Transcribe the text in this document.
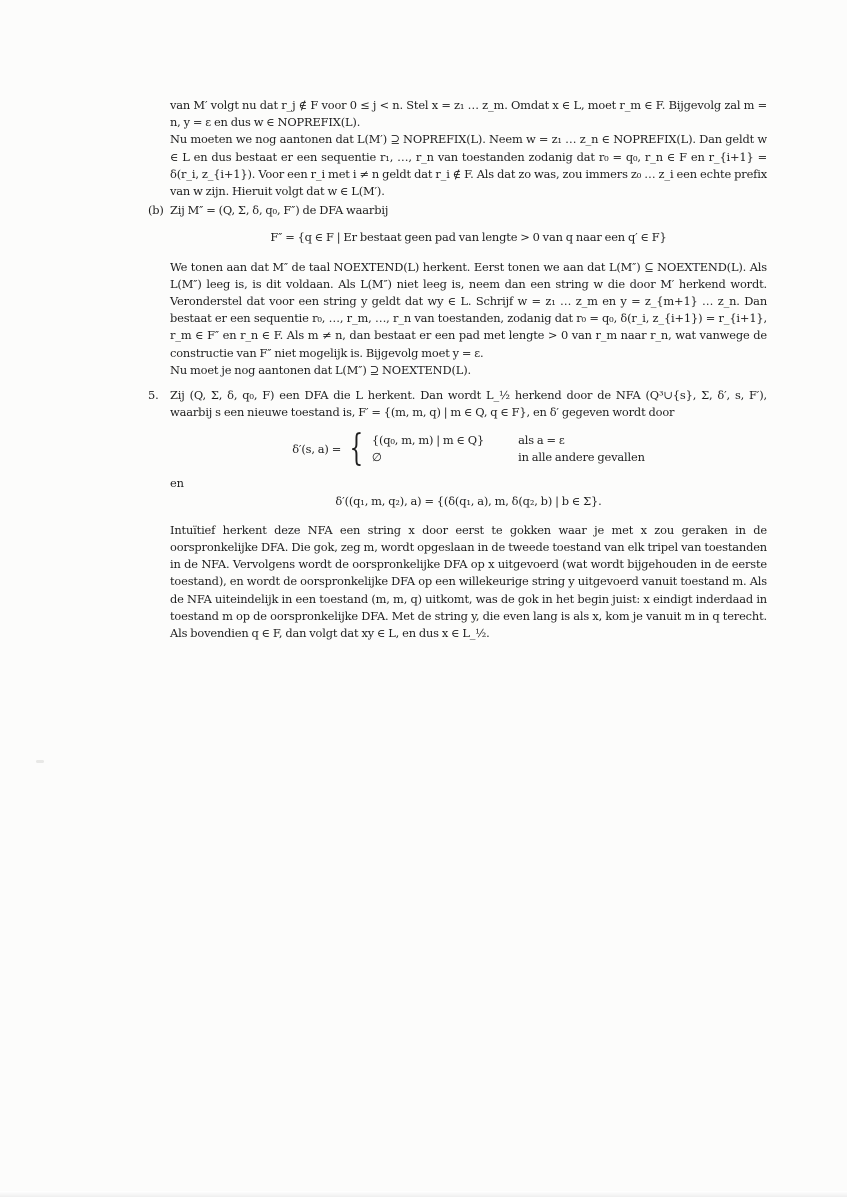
van M′ volgt nu dat r_j ∉ F voor 0 ≤ j < n. Stel x = z₁ … z_m. Omdat x ∈ L, moet r_m ∈ F. Bijgevolg zal m = n, y = ε en dus w ∈ NOPREFIX(L).

Nu moeten we nog aantonen dat L(M′) ⊇ NOPREFIX(L). Neem w = z₁ … z_n ∈ NOPREFIX(L). Dan geldt w ∈ L en dus bestaat er een sequentie r₁, …, r_n van toestanden zodanig dat r₀ = q₀, r_n ∈ F en r_{i+1} = δ(r_i, z_{i+1}). Voor een r_i met i ≠ n geldt dat r_i ∉ F. Als dat zo was, zou immers z₀ … z_i een echte prefix van w zijn. Hieruit volgt dat w ∈ L(M′).

(b) Zij M″ = (Q, Σ, δ, q₀, F″) de DFA waarbij

F″ = {q ∈ F | Er bestaat geen pad van lengte > 0 van q naar een q′ ∈ F}

We tonen aan dat M″ de taal NOEXTEND(L) herkent. Eerst tonen we aan dat L(M″) ⊆ NOEXTEND(L). Als L(M″) leeg is, is dit voldaan. Als L(M″) niet leeg is, neem dan een string w die door M′ herkend wordt. Veronderstel dat voor een string y geldt dat wy ∈ L. Schrijf w = z₁ … z_m en y = z_{m+1} … z_n. Dan bestaat er een sequentie r₀, …, r_m, …, r_n van toestanden, zodanig dat r₀ = q₀, δ(r_i, z_{i+1}) = r_{i+1}, r_m ∈ F″ en r_n ∈ F. Als m ≠ n, dan bestaat er een pad met lengte > 0 van r_m naar r_n, wat vanwege de constructie van F″ niet mogelijk is. Bijgevolg moet y = ε.

Nu moet je nog aantonen dat L(M″) ⊇ NOEXTEND(L).

5. Zij (Q, Σ, δ, q₀, F) een DFA die L herkent. Dan wordt L_½ herkend door de NFA (Q³∪{s}, Σ, δ′, s, F′), waarbij s een nieuwe toestand is, F′ = {(m, m, q) | m ∈ Q, q ∈ F}, en δ′ gegeven wordt door

δ′(s, a) = { {(q₀, m, m) | m ∈ Q}	als a = ε
∅	in alle andere gevallen

en

δ′((q₁, m, q₂), a) = {(δ(q₁, a), m, δ(q₂, b) | b ∈ Σ}.

Intuïtief herkent deze NFA een string x door eerst te gokken waar je met x zou geraken in de oorspronkelijke DFA. Die gok, zeg m, wordt opgeslaan in de tweede toestand van elk tripel van toestanden in de NFA. Vervolgens wordt de oorspronkelijke DFA op x uitgevoerd (wat wordt bijgehouden in de eerste toestand), en wordt de oorspronkelijke DFA op een willekeurige string y uitgevoerd vanuit toestand m. Als de NFA uiteindelijk in een toestand (m, m, q) uitkomt, was de gok in het begin juist: x eindigt inderdaad in toestand m op de oorspronkelijke DFA. Met de string y, die even lang is als x, kom je vanuit m in q terecht. Als bovendien q ∈ F, dan volgt dat xy ∈ L, en dus x ∈ L_½.
